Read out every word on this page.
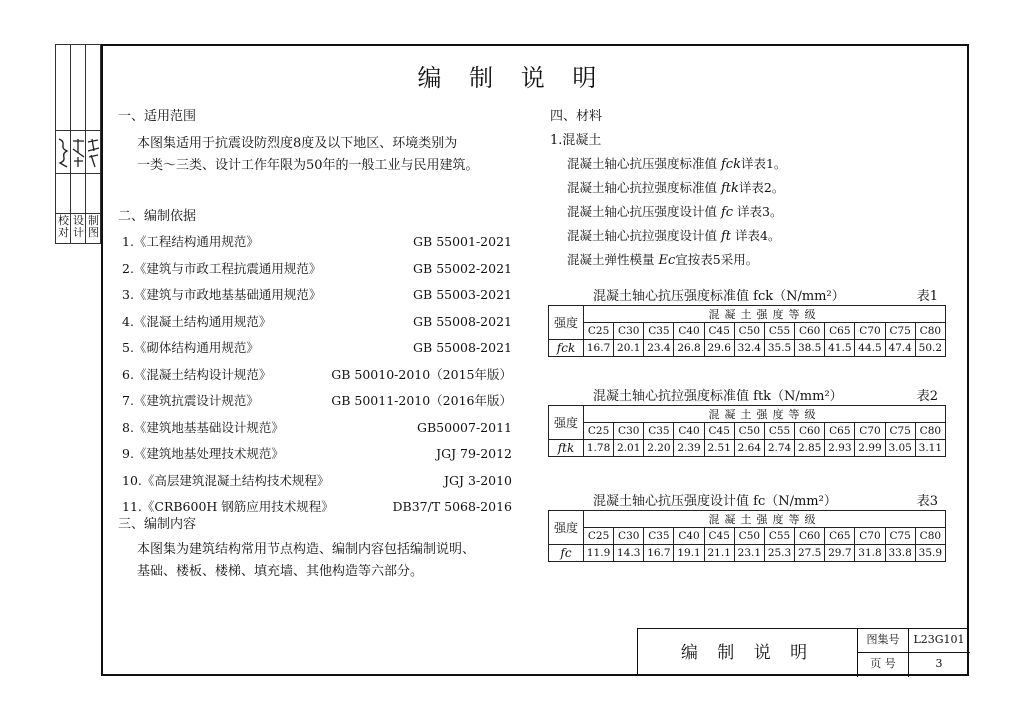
校对
设计
制图
编 制 说 明
一、适用范围
本图集适用于抗震设防烈度8度及以下地区、环境类别为
一类～三类、设计工作年限为50年的一般工业与民用建筑。
二、编制依据
1.《工程结构通用规范》	GB 55001-2021
2.《建筑与市政工程抗震通用规范》	GB 55002-2021
3.《建筑与市政地基基础通用规范》	GB 55003-2021
4.《混凝土结构通用规范》	GB 55008-2021
5.《砌体结构通用规范》	GB 55008-2021
6.《混凝土结构设计规范》	GB 50010-2010（2015年版）
7.《建筑抗震设计规范》	GB 50011-2010（2016年版）
8.《建筑地基基础设计规范》	GB50007-2011
9.《建筑地基处理技术规范》	JGJ 79-2012
10.《高层建筑混凝土结构技术规程》	JGJ 3-2010
11.《CRB600H 钢筋应用技术规程》	DB37/T 5068-2016
三、编制内容
本图集为建筑结构常用节点构造、编制内容包括编制说明、
基础、楼板、楼梯、填充墙、其他构造等六部分。
四、材料
1.混凝土
混凝土轴心抗压强度标准值 fck详表1。
混凝土轴心抗拉强度标准值 ftk详表2。
混凝土轴心抗压强度设计值 fc 详表3。
混凝土轴心抗拉强度设计值 ft 详表4。
混凝土弹性模量 Ec宜按表5采用。
混凝土轴心抗压强度标准值 fck（N/mm²）	表1
强度	混凝土强度等级											
	C25	C30	C35	C40	C45	C50	C55	C60	C65	C70	C75	C80
fck	16.7	20.1	23.4	26.8	29.6	32.4	35.5	38.5	41.5	44.5	47.4	50.2
混凝土轴心抗拉强度标准值 ftk（N/mm²）	表2
强度	混凝土强度等级											
	C25	C30	C35	C40	C45	C50	C55	C60	C65	C70	C75	C80
ftk	1.78	2.01	2.20	2.39	2.51	2.64	2.74	2.85	2.93	2.99	3.05	3.11
混凝土轴心抗压强度设计值 fc（N/mm²）	表3
强度	混凝土强度等级											
	C25	C30	C35	C40	C45	C50	C55	C60	C65	C70	C75	C80
fc	11.9	14.3	16.7	19.1	21.1	23.1	25.3	27.5	29.7	31.8	33.8	35.9
编 制 说 明
图集号	L23G101
页 号	3
